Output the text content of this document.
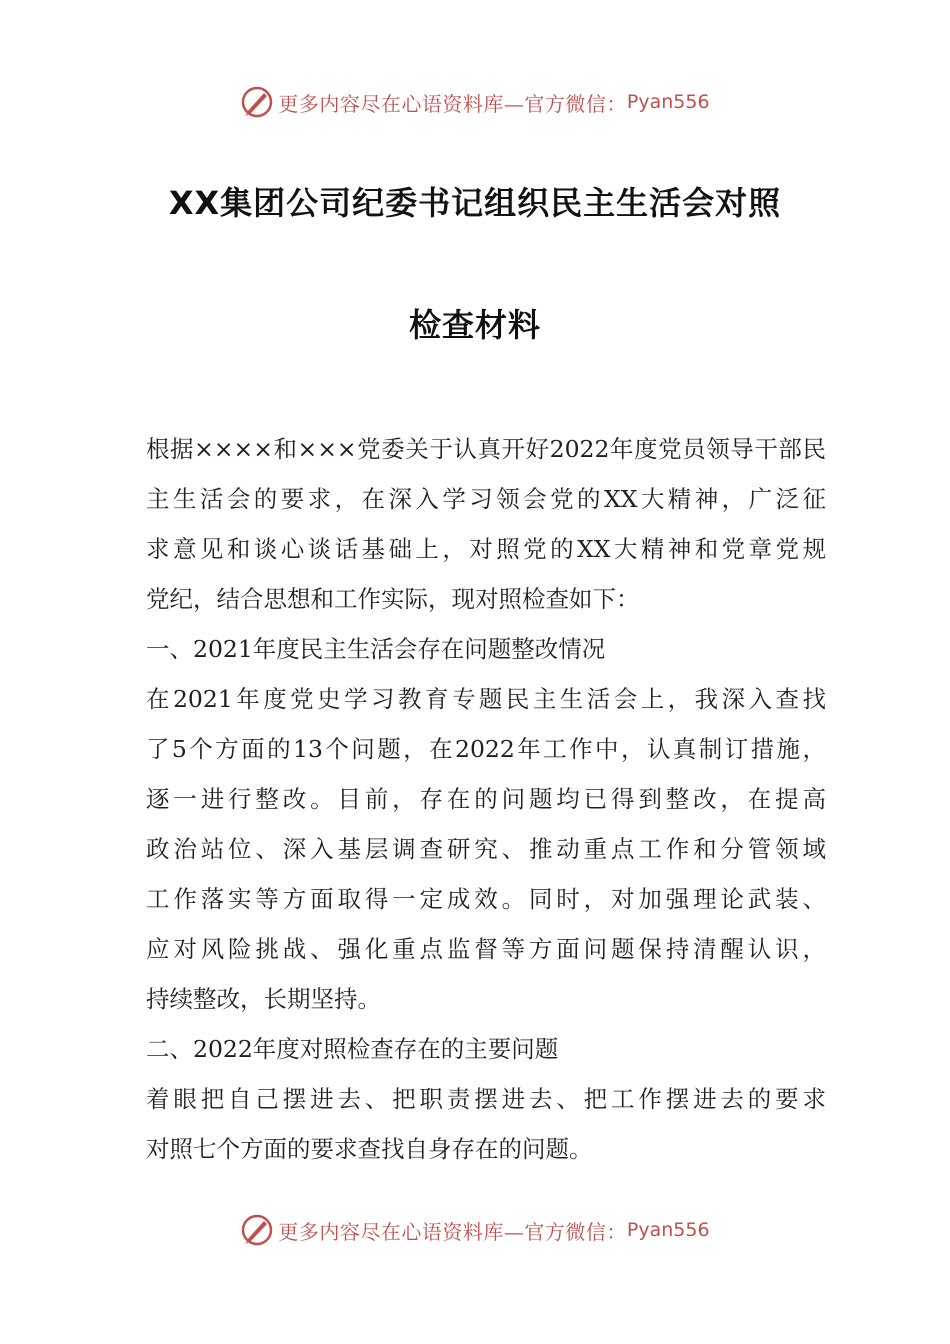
更多内容尽在心语资料库—官方微信： Pyan556
XX集团公司纪委书记组织民主生活会对照
检查材料
根据××××和×××党委关于认真开好2022年度党员领导干部民
主生活会的要求，在深入学习领会党的XX大精神，广泛征
求意见和谈心谈话基础上，对照党的XX大精神和党章党规
党纪，结合思想和工作实际，现对照检查如下：
一、2021年度民主生活会存在问题整改情况
在2021年度党史学习教育专题民主生活会上，我深入查找
了5个方面的13个问题，在2022年工作中，认真制订措施，
逐一进行整改。目前，存在的问题均已得到整改，在提高
政治站位、深入基层调查研究、推动重点工作和分管领域
工作落实等方面取得一定成效。同时，对加强理论武装、
应对风险挑战、强化重点监督等方面问题保持清醒认识，
持续整改，长期坚持。
二、2022年度对照检查存在的主要问题
着眼把自己摆进去、把职责摆进去、把工作摆进去的要求
对照七个方面的要求查找自身存在的问题。
更多内容尽在心语资料库—官方微信： Pyan556
